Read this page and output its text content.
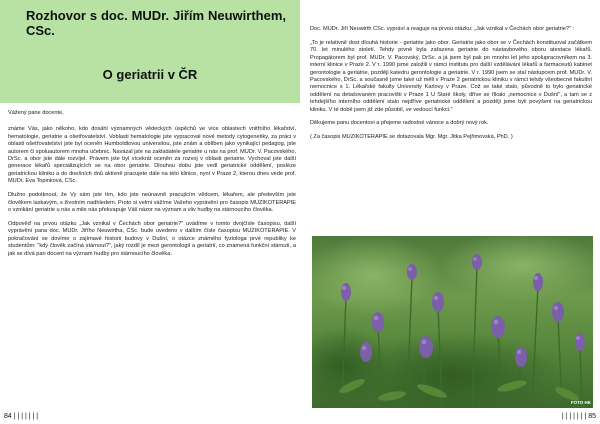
Rozhovor s doc. MUDr. Jiřím Neuwirthem, CSc.
O geriatrii v ČR

Vážený pane docente,

známe Vás, jako někoho, kdo dosáhl významných vědeckých úspěchů ve více oblastech vnitřního lékařství, hematologie, geriatrie a ošetřovatelství. Voblasti hematologie jste vypracoval nové metody cytogenetiky, za práci v oblasti ošetřovatelství jste byl oceněn Humboldtovou universitou, jste znám a oblíben jako vynikající pedagog, jste autorem či spoluautorem mnoha učebnic. Navázal jste na zakladatele geriatrie u nás na prof. MUDr. V. Pacovského, DrSc. a obor jste dále rozvíjel. Právem jste byl vícekrát oceněn za rozvoj v oblasti geriatrie. Vychoval jste další generace lékařů specializujících se na obor geriatrie. Dlouhou dobu jste vedl geriatrické oddělení, posléze geriatrickou kliniku a do dnešních dnů aktivně pracujete dále na této klinice, nyní v Praze 2, kterou dnes vede prof. MUDr. Eva Topinková, CSc.

Dlužno podotknout, že Vy sám jste tím, kdo jste neúnavně pracujícím vědcem, lékařem, ale především jste člověkem laskavým, s životním nadhledem. Proto si velmi vážíme Vašeho vyprávění pro časopis MUZIKOTERAPIE o vznikání geriatrie u nás a mile nás překvapuje Váš názor na význam a vliv hudby na stárnoucího člověka.

Odpověď na prvou otázku „Jak vznikal v Čechách obor geriatrie?" uvádíme v tomto dvojčísle časopisu, další vyprávění pana doc. MUDr. Jiřího Neuwirtha, CSc. bude uvedeno v dalším čísle časopisu MUZIKOTERAPIE. V pokračování se dovíme o zajímavé historii budovy v Dušní, o otázce známého fyziologa prvé republiky ke studentům: "kdy člověk začíná stárnout?", jaký rozdíl je mezi gerontologií a geriatrií, co znamená funkční stárnutí, a jak se dívá pan docent na význam hudby pro stárnoucího člověka.

84 | | | | | | |

Doc. MUDr. Jiří Neuwirth CSc. vypráví a reaguje na prvou otázku: „Jak vznikal v Čechách obor geriatrie?" :

„To je relativně dost dlouhá historie - geriatrie jako obor. Geriatrie jako obor se v Čechách konstituoval začátkem 70. let minulého století. Tehdy prvně byla zařazena geriatrie do nástavbového oboru atestace lékařů. Propagátorem byl prof. MUDr. V. Pacovský, DrSc. a já jsem byl pak po mnoho let jeho spolupracovníkem na 3. interní klinice v Praze 2. V r. 1990 jsme založili v rámci institutu pro další vzdělávání lékařů a farmaceutů kabinet gerontologie a geriatrie, později katedru gerontologie a geriatrie. V r. 1990 jsem se stal nástupcem prof. MUDr. V. Pacovského, DrSc. a současně jsme také už měli v Praze 2 geriatrickou kliniku v rámci tehdy všeobecné fakultní nemocnice s 1. Lékařské fakulty University Karlovy v Praze. Což se také stalo, původně to bylo geriatrické oddělení na detašovaném pracovišti v Praze 1 U Staré školy, dříve se říkalo „nemocnice v Dušní", a tam se z tehdejšího interního oddělení stalo nejdříve geriatrické oddělení a později jsme byli povýšeni na geriatrickou kliniku. V té době jsem již zde působil, ve vedoucí funkci."

Děkujeme panu docentovi a přejeme radostné vánoce a dobrý nový rok.

( Za časopis MUZIKOTERAPIE se dotazovala Mgr. Mgr. Jitka Pejřimovská, PhD. )

FOTO HK
| | | | | | | 85
